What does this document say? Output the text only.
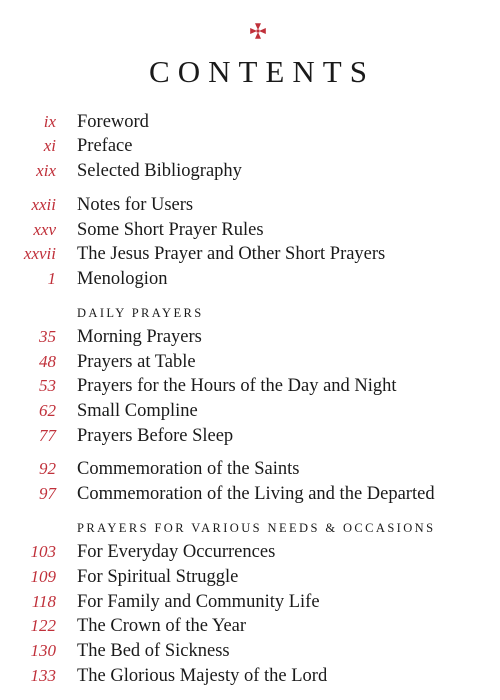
CONTENTS
ix Foreword
xi Preface
xix Selected Bibliography
xxii Notes for Users
xxv Some Short Prayer Rules
xxvii The Jesus Prayer and Other Short Prayers
1 Menologion
DAILY PRAYERS
35 Morning Prayers
48 Prayers at Table
53 Prayers for the Hours of the Day and Night
62 Small Compline
77 Prayers Before Sleep
92 Commemoration of the Saints
97 Commemoration of the Living and the Departed
PRAYERS FOR VARIOUS NEEDS & OCCASIONS
103 For Everyday Occurrences
109 For Spiritual Struggle
118 For Family and Community Life
122 The Crown of the Year
130 The Bed of Sickness
133 The Glorious Majesty of the Lord
